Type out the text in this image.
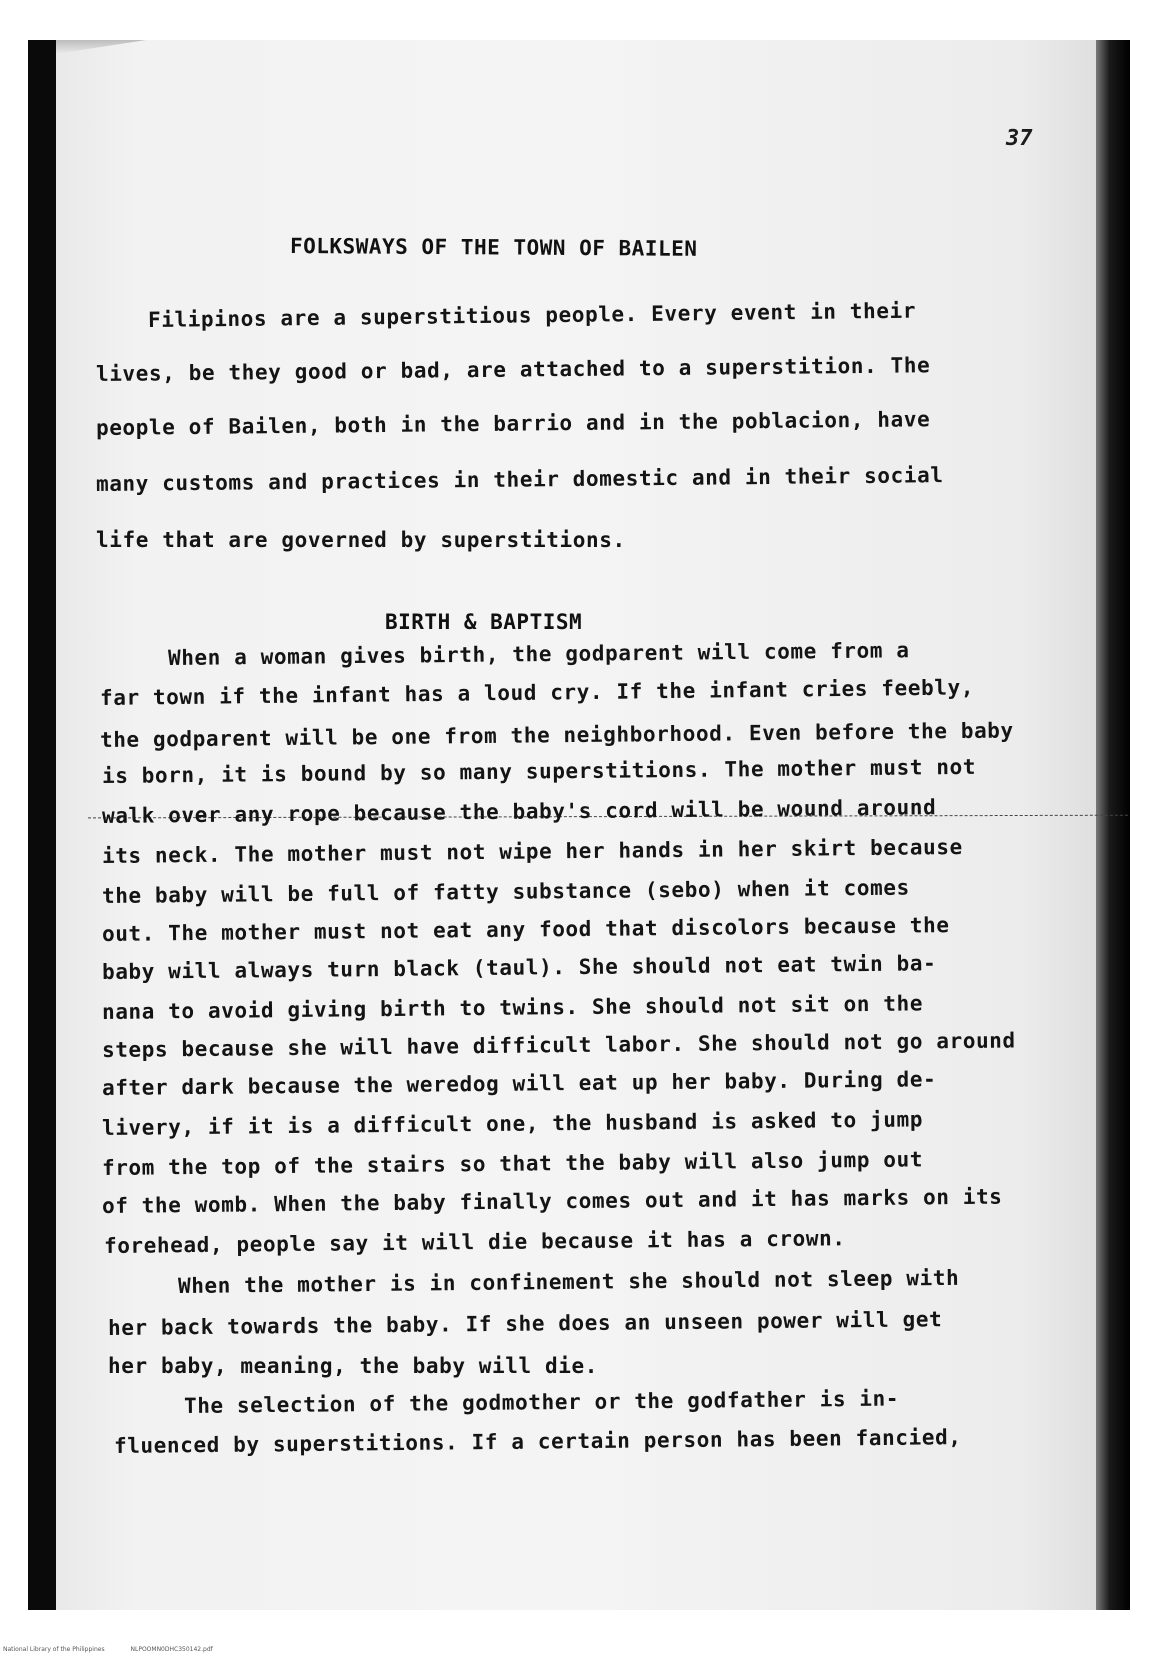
37
FOLKSWAYS OF THE TOWN OF BAILEN
Filipinos are a superstitious people. Every event in their
lives, be they good or bad, are attached to a superstition. The
people of Bailen, both in the barrio and in the poblacion, have
many customs and practices in their domestic and in their social
life that are governed by superstitions.
BIRTH & BAPTISM
When a woman gives birth, the godparent will come from a
far town if the infant has a loud cry. If the infant cries feebly,
the godparent will be one from the neighborhood. Even before the baby
is born, it is bound by so many superstitions. The mother must not
walk over any rope because the baby's cord will be wound around
its neck. The mother must not wipe her hands in her skirt because
the baby will be full of fatty substance (sebo) when it comes
out. The mother must not eat any food that discolors because the
baby will always turn black (taul). She should not eat twin ba-
nana to avoid giving birth to twins. She should not sit on the
steps because she will have difficult labor. She should not go around
after dark because the weredog will eat up her baby. During de-
livery, if it is a difficult one, the husband is asked to jump
from the top of the stairs so that the baby will also jump out
of the womb. When the baby finally comes out and it has marks on its
forehead, people say it will die because it has a crown.
When the mother is in confinement she should not sleep with
her back towards the baby. If she does an unseen power will get
her baby, meaning, the baby will die.
The selection of the godmother or the godfather is in-
fluenced by superstitions. If a certain person has been fancied,
National Library of the Philippines	NLPOOMN0DHC350142.pdf
